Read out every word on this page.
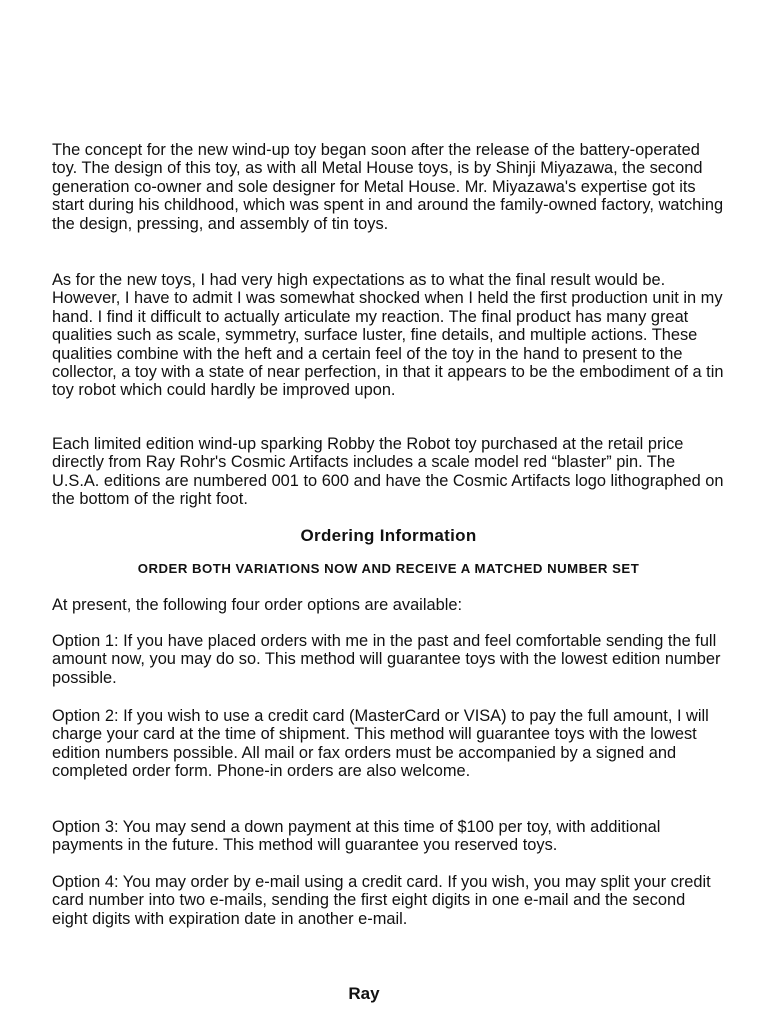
The concept for the new wind-up toy began soon after the release of the battery-operated toy. The design of this toy, as with all Metal House toys, is by Shinji Miyazawa, the second generation co-owner and sole designer for Metal House. Mr. Miyazawa's expertise got its start during his childhood, which was spent in and around the family-owned factory, watching the design, pressing, and assembly of tin toys.

As for the new toys, I had very high expectations as to what the final result would be. However, I have to admit I was somewhat shocked when I held the first production unit in my hand. I find it difficult to actually articulate my reaction. The final product has many great qualities such as scale, symmetry, surface luster, fine details, and multiple actions. These qualities combine with the heft and a certain feel of the toy in the hand to present to the collector, a toy with a state of near perfection, in that it appears to be the embodiment of a tin toy robot which could hardly be improved upon.

Each limited edition wind-up sparking Robby the Robot toy purchased at the retail price directly from Ray Rohr's Cosmic Artifacts includes a scale model red “blaster” pin. The U.S.A. editions are numbered 001 to 600 and have the Cosmic Artifacts logo lithographed on the bottom of the right foot.

Ordering Information
ORDER BOTH VARIATIONS NOW AND RECEIVE A MATCHED NUMBER SET

At present, the following four order options are available:

Option 1: If you have placed orders with me in the past and feel comfortable sending the full amount now, you may do so. This method will guarantee toys with the lowest edition number possible.

Option 2: If you wish to use a credit card (MasterCard or VISA) to pay the full amount, I will charge your card at the time of shipment. This method will guarantee toys with the lowest edition numbers possible. All mail or fax orders must be accompanied by a signed and completed order form. Phone-in orders are also welcome.

Option 3: You may send a down payment at this time of $100 per toy, with additional payments in the future. This method will guarantee you reserved toys.

Option 4: You may order by e-mail using a credit card. If you wish, you may split your credit card number into two e-mails, sending the first eight digits in one e-mail and the second eight digits with expiration date in another e-mail.

Ray
